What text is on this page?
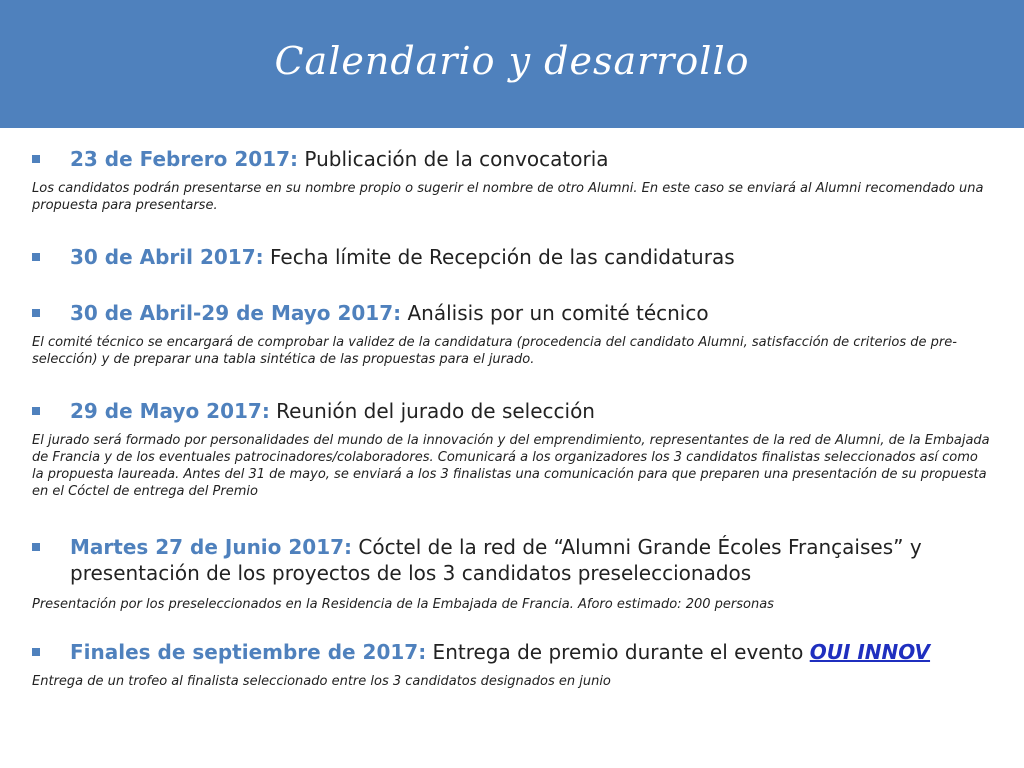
Calendario y desarrollo
23 de Febrero 2017: Publicación de la convocatoria
Los candidatos podrán presentarse en su nombre propio o sugerir el nombre de otro Alumni. En este caso se enviará al Alumni recomendado una propuesta para presentarse.
30 de Abril 2017: Fecha límite de Recepción de las candidaturas
30 de Abril-29 de Mayo 2017: Análisis por un comité técnico
El comité técnico se encargará de comprobar la validez de la candidatura (procedencia del candidato Alumni, satisfacción de criterios de pre-selección) y de preparar una tabla sintética de las propuestas para el jurado.
29 de Mayo 2017: Reunión del jurado de selección
El jurado será formado por personalidades del mundo de la innovación y del emprendimiento, representantes de la red de Alumni, de la Embajada de Francia y de los eventuales patrocinadores/colaboradores. Comunicará a los organizadores los 3 candidatos finalistas seleccionados así como la propuesta laureada. Antes del 31 de mayo, se enviará a los 3 finalistas una comunicación para que preparen una presentación de su propuesta en el Cóctel de entrega del Premio
Martes 27 de Junio 2017: Cóctel de la red de “Alumni Grande Écoles Françaises” y presentación de los proyectos de los 3 candidatos preseleccionados
Presentación por los preseleccionados en la Residencia de la Embajada de Francia. Aforo estimado: 200 personas
Finales de septiembre de 2017: Entrega de premio durante el evento OUI INNOV
Entrega de un trofeo al finalista seleccionado entre los 3 candidatos designados en junio
